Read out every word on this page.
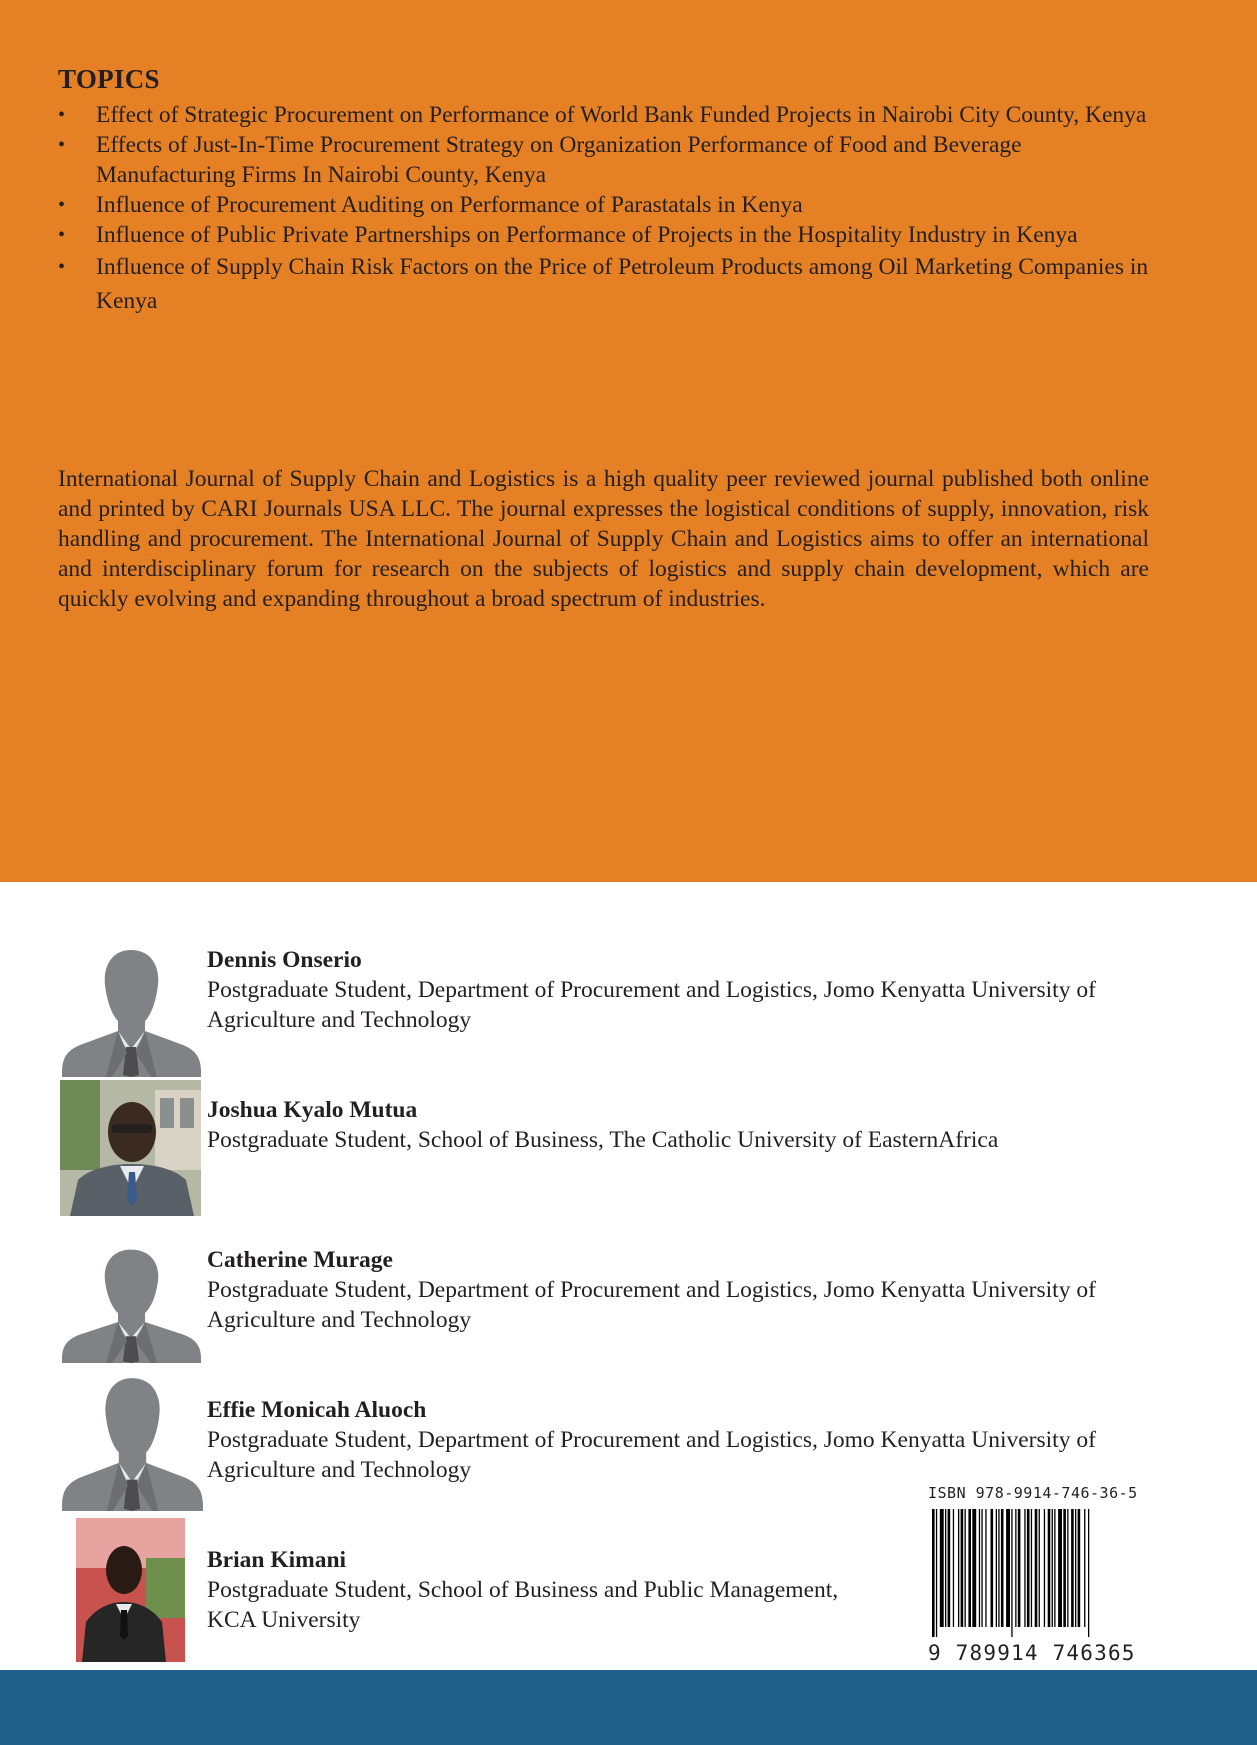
TOPICS
• Effect of Strategic Procurement on Performance of World Bank Funded Projects in Nairobi City County, Kenya
• Effects of Just-In-Time Procurement Strategy on Organization Performance of Food and Beverage Manufacturing Firms In Nairobi County, Kenya
• Influence of Procurement Auditing on Performance of Parastatals in Kenya
• Influence of Public Private Partnerships on Performance of Projects in the Hospitality Industry in Kenya
• Influence of Supply Chain Risk Factors on the Price of Petroleum Products among Oil Marketing Companies in Kenya

International Journal of Supply Chain and Logistics is a high quality peer reviewed journal published both online and printed by CARI Journals USA LLC. The journal expresses the logistical conditions of supply, innovation, risk handling and procurement. The International Journal of Supply Chain and Logistics aims to offer an international and interdisciplinary forum for research on the subjects of logistics and supply chain development, which are quickly evolving and expanding throughout a broad spectrum of industries.

Dennis Onserio
Postgraduate Student, Department of Procurement and Logistics, Jomo Kenyatta University of Agriculture and Technology
Joshua Kyalo Mutua
Postgraduate Student, School of Business, The Catholic University of EasternAfrica
Catherine Murage
Postgraduate Student, Department of Procurement and Logistics, Jomo Kenyatta University of Agriculture and Technology
Effie Monicah Aluoch
Postgraduate Student, Department of Procurement and Logistics, Jomo Kenyatta University of Agriculture and Technology
Brian Kimani
Postgraduate Student, School of Business and Public Management,
KCA University
ISBN 978-9914-746-36-5
9 789914 746365
